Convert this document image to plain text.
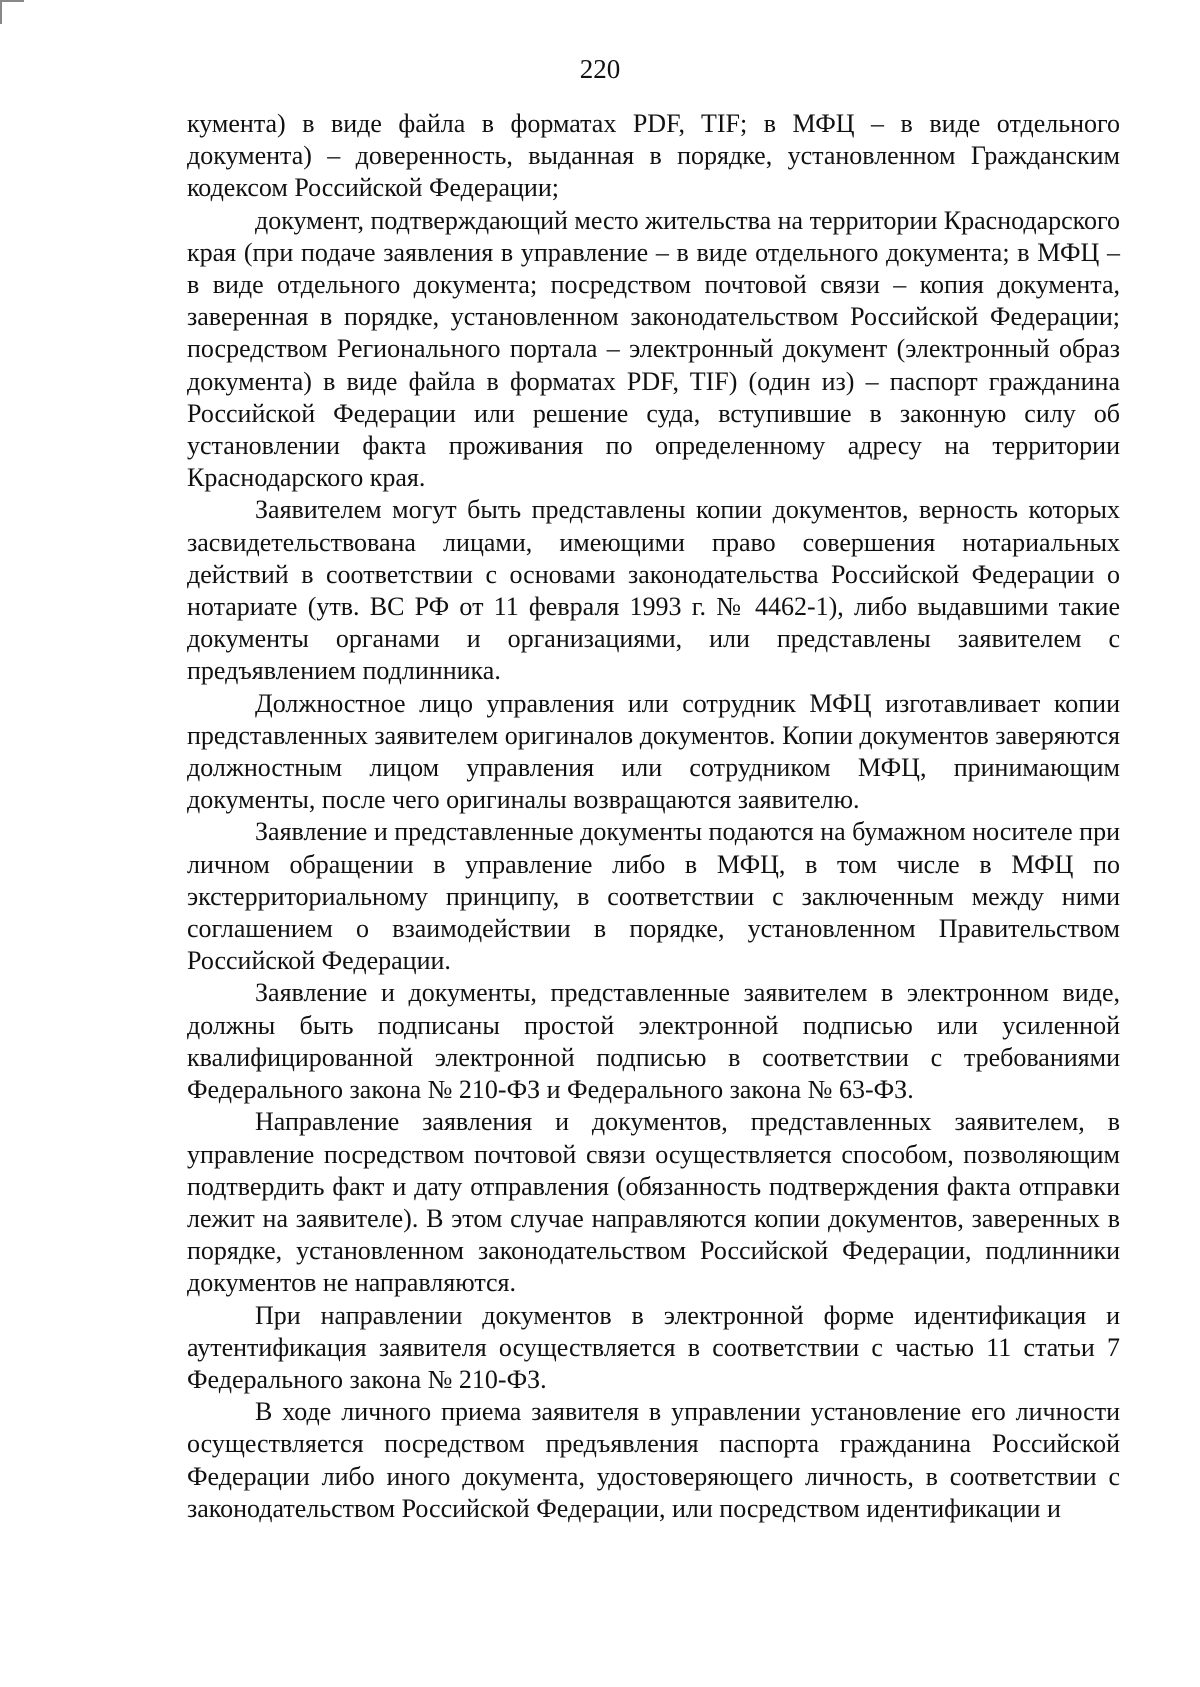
220

кумента) в виде файла в форматах PDF, TIF; в МФЦ – в виде отдельного документа) – доверенность, выданная в порядке, установленном Гражданским кодексом Российской Федерации;

документ, подтверждающий место жительства на территории Краснодарского края (при подаче заявления в управление – в виде отдельного документа; в МФЦ – в виде отдельного документа; посредством почтовой связи – копия документа, заверенная в порядке, установленном законодательством Российской Федерации; посредством Регионального портала – электронный документ (электронный образ документа) в виде файла в форматах PDF, TIF) (один из) – паспорт гражданина Российской Федерации или решение суда, вступившие в законную силу об установлении факта проживания по определенному адресу на территории Краснодарского края.

Заявителем могут быть представлены копии документов, верность которых засвидетельствована лицами, имеющими право совершения нотариальных действий в соответствии с основами законодательства Российской Федерации о нотариате (утв. ВС РФ от 11 февраля 1993 г. № 4462-1), либо выдавшими такие документы органами и организациями, или представлены заявителем с предъявлением подлинника.

Должностное лицо управления или сотрудник МФЦ изготавливает копии представленных заявителем оригиналов документов. Копии документов заверяются должностным лицом управления или сотрудником МФЦ, принимающим документы, после чего оригиналы возвращаются заявителю.

Заявление и представленные документы подаются на бумажном носителе при личном обращении в управление либо в МФЦ, в том числе в МФЦ по экстерриториальному принципу, в соответствии с заключенным между ними соглашением о взаимодействии в порядке, установленном Правительством Российской Федерации.

Заявление и документы, представленные заявителем в электронном виде, должны быть подписаны простой электронной подписью или усиленной квалифицированной электронной подписью в соответствии с требованиями Федерального закона № 210-ФЗ и Федерального закона № 63-ФЗ.

Направление заявления и документов, представленных заявителем, в управление посредством почтовой связи осуществляется способом, позволяющим подтвердить факт и дату отправления (обязанность подтверждения факта отправки лежит на заявителе). В этом случае направляются копии документов, заверенных в порядке, установленном законодательством Российской Федерации, подлинники документов не направляются.

При направлении документов в электронной форме идентификация и аутентификация заявителя осуществляется в соответствии с частью 11 статьи 7 Федерального закона № 210-ФЗ.

В ходе личного приема заявителя в управлении установление его личности осуществляется посредством предъявления паспорта гражданина Российской Федерации либо иного документа, удостоверяющего личность, в соответствии с законодательством Российской Федерации, или посредством идентификации и
